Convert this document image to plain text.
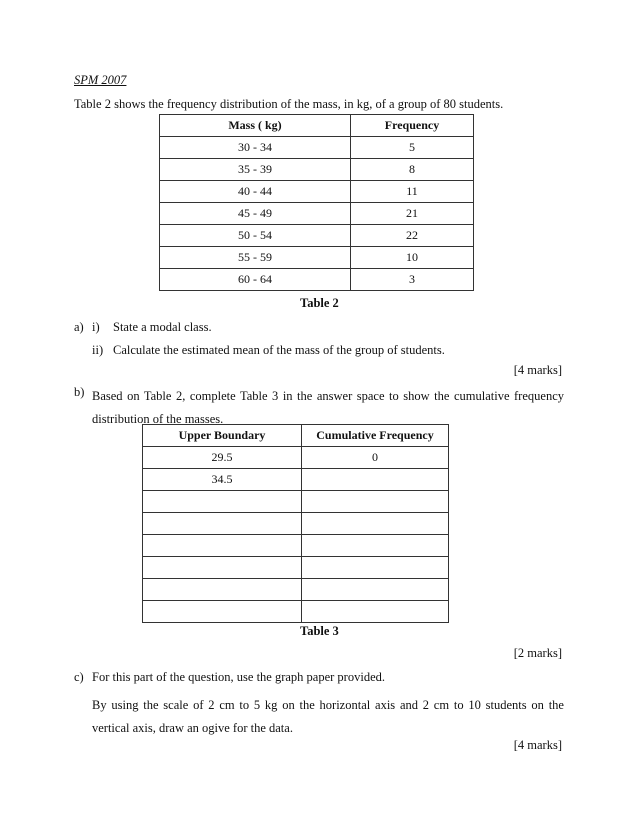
SPM 2007
Table 2 shows the frequency distribution of the mass, in kg, of a group of 80 students.
Mass ( kg)	Frequency
30 - 34	5
35 - 39	8
40 - 44	11
45 - 49	21
50 - 54	22
55 - 59	10
60 - 64	3
Table 2
a) i) State a modal class.
ii) Calculate the estimated mean of the mass of the group of students.
[4 marks]
b) Based on Table 2, complete Table 3 in the answer space to show the cumulative frequency distribution of the masses.
Upper Boundary	Cumulative Frequency
29.5	0
34.5	

Table 3
[2 marks]
c) For this part of the question, use the graph paper provided.
By using the scale of 2 cm to 5 kg on the horizontal axis and 2 cm to 10 students on the vertical axis, draw an ogive for the data.
[4 marks]
